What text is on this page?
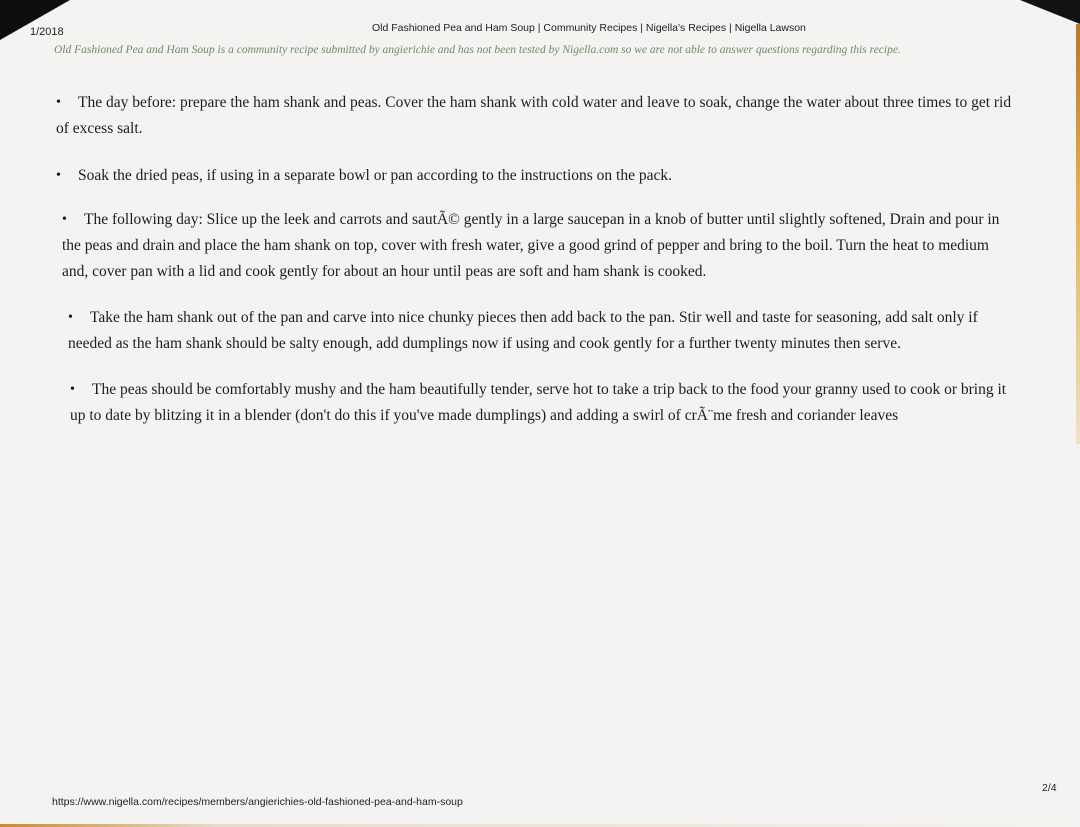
1/2018	Old Fashioned Pea and Ham Soup | Community Recipes | Nigella's Recipes | Nigella Lawson
Old Fashioned Pea and Ham Soup is a community recipe submitted by angierichie and has not been tested by Nigella.com so we are not able to answer questions regarding this recipe.
• The day before: prepare the ham shank and peas. Cover the ham shank with cold water and leave to soak, change the water about three times to get rid of excess salt.
• Soak the dried peas, if using in a separate bowl or pan according to the instructions on the pack.
• The following day: Slice up the leek and carrots and sautÃ© gently in a large saucepan in a knob of butter until slightly softened, Drain and pour in the peas and drain and place the ham shank on top, cover with fresh water, give a good grind of pepper and bring to the boil. Turn the heat to medium and, cover pan with a lid and cook gently for about an hour until peas are soft and ham shank is cooked.
• Take the ham shank out of the pan and carve into nice chunky pieces then add back to the pan. Stir well and taste for seasoning, add salt only if needed as the ham shank should be salty enough, add dumplings now if using and cook gently for a further twenty minutes then serve.
• The peas should be comfortably mushy and the ham beautifully tender, serve hot to take a trip back to the food your granny used to cook or bring it up to date by blitzing it in a blender (don't do this if you've made dumplings) and adding a swirl of crÃ¨me fresh and coriander leaves
https://www.nigella.com/recipes/members/angierichies-old-fashioned-pea-and-ham-soup
2/4
